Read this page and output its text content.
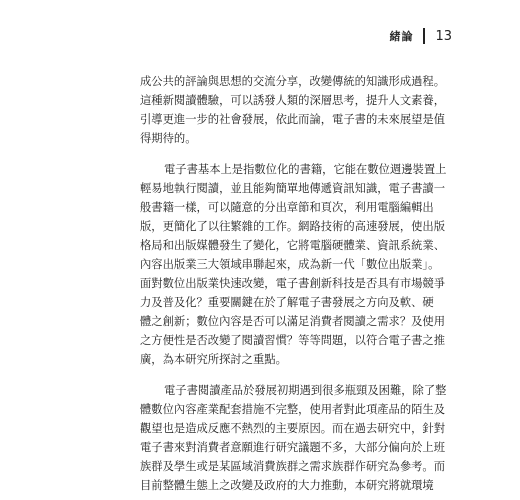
緒論 13

成公共的評論與思想的交流分享，改變傳統的知識形成過程。
這種新閱讀體驗，可以誘發人類的深層思考，提升人文素養，
引導更進一步的社會發展，依此而論，電子書的未來展望是值
得期待的。

電子書基本上是指數位化的書籍，它能在數位週邊裝置上
輕易地執行閱讀，並且能夠簡單地傳遞資訊知識，電子書讀一
般書籍一樣，可以隨意的分出章節和頁次，利用電腦編輯出
版，更簡化了以往繁雜的工作。網路技術的高速發展，使出版
格局和出版媒體發生了變化，它將電腦硬體業、資訊系統業、
內容出版業三大領域串聯起來，成為新一代「數位出版業」。
面對數位出版業快速改變，電子書創新科技是否具有市場競爭
力及普及化？重要關鍵在於了解電子書發展之方向及軟、硬
體之創新；數位內容是否可以滿足消費者閱讀之需求？及使用
之方便性是否改變了閱讀習慣？等等問題，以符合電子書之推
廣，為本研究所探討之重點。

電子書閱讀產品於發展初期遇到很多瓶頸及困難，除了整
體數位內容產業配套措施不完整，使用者對此項產品的陌生及
觀望也是造成反應不熱烈的主要原因。而在過去研究中，針對
電子書來對消費者意願進行研究議題不多，大部分偏向於上班
族群及學生或是某區域消費族群之需求族群作研究為參考。而
目前整體生態上之改變及政府的大力推動，本研究將就環境
